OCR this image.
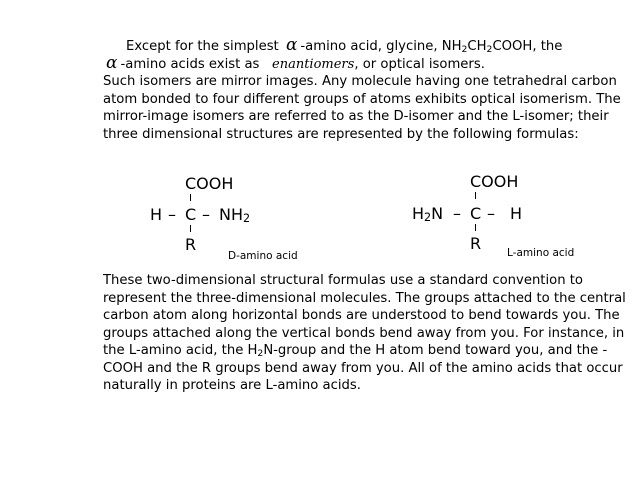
Except for the simplest α -amino acid, glycine, $NH_2CH_2COOH$, the
α -amino acids exist as enantiomers, or optical isomers.
Such isomers are mirror images. Any molecule having one tetrahedral carbon atom bonded to four different groups of atoms exhibits optical isomerism. The mirror-image isomers are referred to as the D-isomer and the L-isomer; their three dimensional structures are represented by the following formulas:

COOH
H – C – $NH_2$
R
D-amino acid
COOH
$H_2N$ – C – H
R L-amino acid

These two-dimensional structural formulas use a standard convention to represent the three-dimensional molecules. The groups attached to the central carbon atom along horizontal bonds are understood to bend towards you. The groups attached along the vertical bonds bend away from you. For instance, in the L-amino acid, the $H_2N$-group and the H atom bend toward you, and the -COOH and the R groups bend away from you. All of the amino acids that occur naturally in proteins are L-amino acids.
